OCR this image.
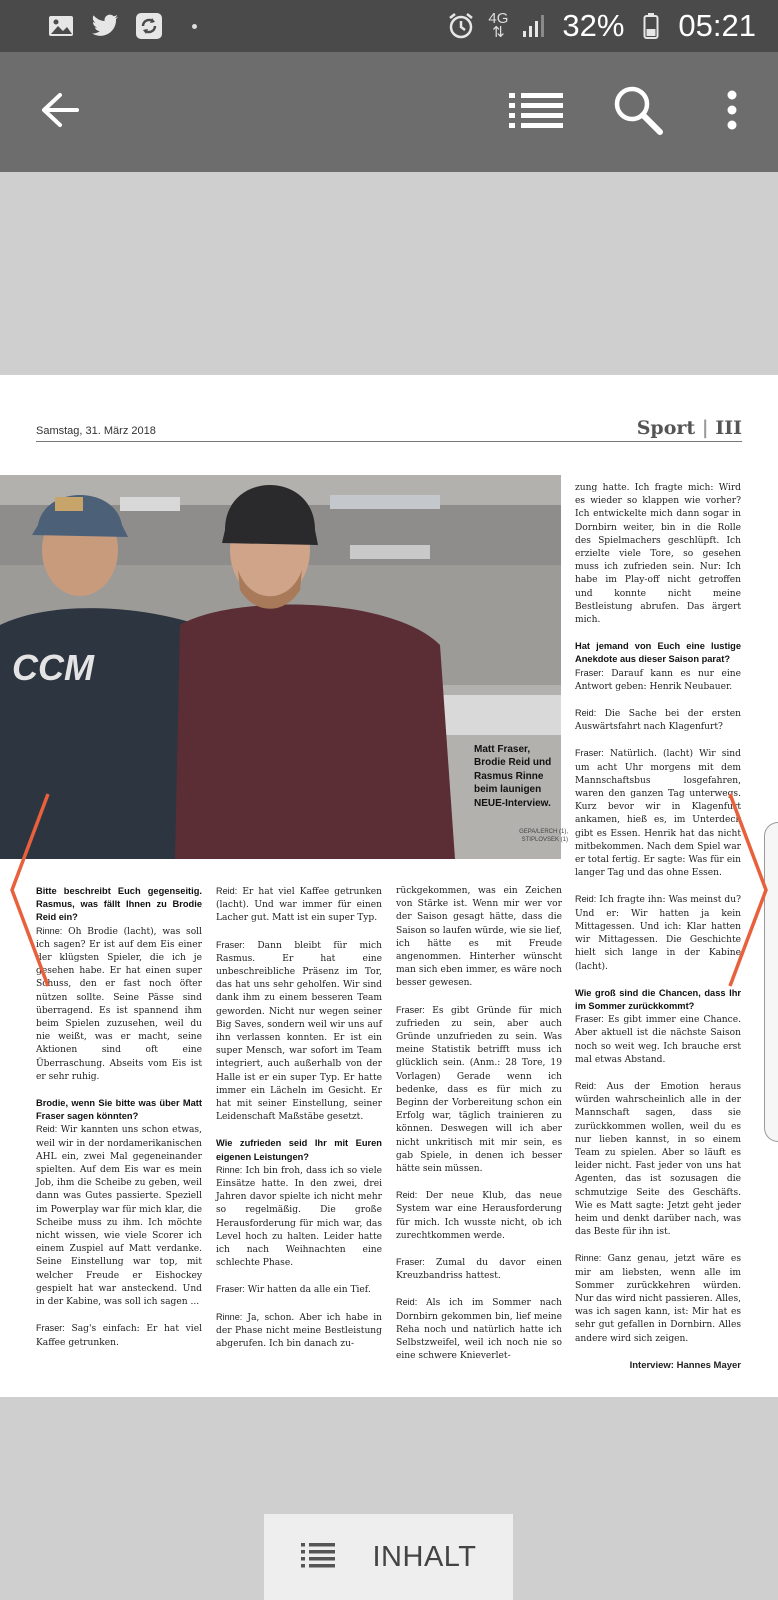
4G
⇅ 32% 05:21
Samstag, 31. März 2018	Sport | III
CCM
Matt Fraser, Brodie Reid und Rasmus Rinne beim launigen NEUE-Interview.
GEPA/LERCH (1), STIPLOVSEK (1)

Bitte beschreibt Euch gegenseitig. Rasmus, was fällt Ihnen zu Brodie Reid ein?

Rinne: Oh Brodie (lacht), was soll ich sagen? Er ist auf dem Eis einer der klügsten Spieler, die ich je gesehen habe. Er hat einen super Schuss, den er fast noch öfter nützen sollte. Seine Pässe sind überragend. Es ist spannend ihm beim Spielen zuzusehen, weil du nie weißt, was er macht, seine Aktionen sind oft eine Überraschung. Abseits vom Eis ist er sehr ruhig.

Brodie, wenn Sie bitte was über Matt Fraser sagen könnten?

Reid: Wir kannten uns schon etwas, weil wir in der nordamerikanischen AHL ein, zwei Mal gegeneinander spielten. Auf dem Eis war es mein Job, ihm die Scheibe zu geben, weil dann was Gutes passierte. Speziell im Powerplay war für mich klar, die Scheibe muss zu ihm. Ich möchte nicht wissen, wie viele Scorer ich einem Zuspiel auf Matt verdanke. Seine Einstellung war top, mit welcher Freude er Eishockey gespielt hat war ansteckend. Und in der Kabine, was soll ich sagen ...

Fraser: Sag's einfach: Er hat viel Kaffee getrunken.

Reid: Er hat viel Kaffee getrunken (lacht). Und war immer für einen Lacher gut. Matt ist ein super Typ.

Fraser: Dann bleibt für mich Rasmus. Er hat eine unbeschreibliche Präsenz im Tor, das hat uns sehr geholfen. Wir sind dank ihm zu einem besseren Team geworden. Nicht nur wegen seiner Big Saves, sondern weil wir uns auf ihn verlassen konnten. Er ist ein super Mensch, war sofort im Team integriert, auch außerhalb von der Halle ist er ein super Typ. Er hatte immer ein Lächeln im Gesicht. Er hat mit seiner Einstellung, seiner Leidenschaft Maßstäbe gesetzt.

Wie zufrieden seid Ihr mit Euren eigenen Leistungen?

Rinne: Ich bin froh, dass ich so viele Einsätze hatte. In den zwei, drei Jahren davor spielte ich nicht mehr so regelmäßig. Die große Herausforderung für mich war, das Level hoch zu halten. Leider hatte ich nach Weihnachten eine schlechte Phase.

Fraser: Wir hatten da alle ein Tief.

Rinne: Ja, schon. Aber ich habe in der Phase nicht meine Bestleistung abgerufen. Ich bin danach zu-

rückgekommen, was ein Zeichen von Stärke ist. Wenn mir wer vor der Saison gesagt hätte, dass die Saison so laufen würde, wie sie lief, ich hätte es mit Freude angenommen. Hinterher wünscht man sich eben immer, es wäre noch besser gewesen.

Fraser: Es gibt Gründe für mich zufrieden zu sein, aber auch Gründe unzufrieden zu sein. Was meine Statistik betrifft muss ich glücklich sein. (Anm.: 28 Tore, 19 Vorlagen) Gerade wenn ich bedenke, dass es für mich zu Beginn der Vorbereitung schon ein Erfolg war, täglich trainieren zu können. Deswegen will ich aber nicht unkritisch mit mir sein, es gab Spiele, in denen ich besser hätte sein müssen.

Reid: Der neue Klub, das neue System war eine Herausforderung für mich. Ich wusste nicht, ob ich zurechtkommen werde.

Fraser: Zumal du davor einen Kreuzbandriss hattest.

Reid: Als ich im Sommer nach Dornbirn gekommen bin, lief meine Reha noch und natürlich hatte ich Selbstzweifel, weil ich noch nie so eine schwere Knieverlet-

zung hatte. Ich fragte mich: Wird es wieder so klappen wie vorher? Ich entwickelte mich dann sogar in Dornbirn weiter, bin in die Rolle des Spielmachers geschlüpft. Ich erzielte viele Tore, so gesehen muss ich zufrieden sein. Nur: Ich habe im Play-off nicht getroffen und konnte nicht meine Bestleistung abrufen. Das ärgert mich.

Hat jemand von Euch eine lustige Anekdote aus dieser Saison parat?

Fraser: Darauf kann es nur eine Antwort geben: Henrik Neubauer.

Reid: Die Sache bei der ersten Auswärtsfahrt nach Klagenfurt?

Fraser: Natürlich. (lacht) Wir sind um acht Uhr morgens mit dem Mannschaftsbus losgefahren, waren den ganzen Tag unterwegs. Kurz bevor wir in Klagenfurt ankamen, hieß es, im Unterdeck gibt es Essen. Henrik hat das nicht mitbekommen. Nach dem Spiel war er total fertig. Er sagte: Was für ein langer Tag und das ohne Essen.

Reid: Ich fragte ihn: Was meinst du? Und er: Wir hatten ja kein Mittagessen. Und ich: Klar hatten wir Mittagessen. Die Geschichte hielt sich lange in der Kabine (lacht).

Wie groß sind die Chancen, dass Ihr im Sommer zurückkommt?

Fraser: Es gibt immer eine Chance. Aber aktuell ist die nächste Saison noch so weit weg. Ich brauche erst mal etwas Abstand.

Reid: Aus der Emotion heraus würden wahrscheinlich alle in der Mannschaft sagen, dass sie zurückkommen wollen, weil du es nur lieben kannst, in so einem Team zu spielen. Aber so läuft es leider nicht. Fast jeder von uns hat Agenten, das ist sozusagen die schmutzige Seite des Geschäfts. Wie es Matt sagte: Jetzt geht jeder heim und denkt darüber nach, was das Beste für ihn ist.

Rinne: Ganz genau, jetzt wäre es mir am liebsten, wenn alle im Sommer zurückkehren würden. Nur das wird nicht passieren. Alles, was ich sagen kann, ist: Mir hat es sehr gut gefallen in Dornbirn. Alles andere wird sich zeigen.

Interview: Hannes Mayer

INHALT
